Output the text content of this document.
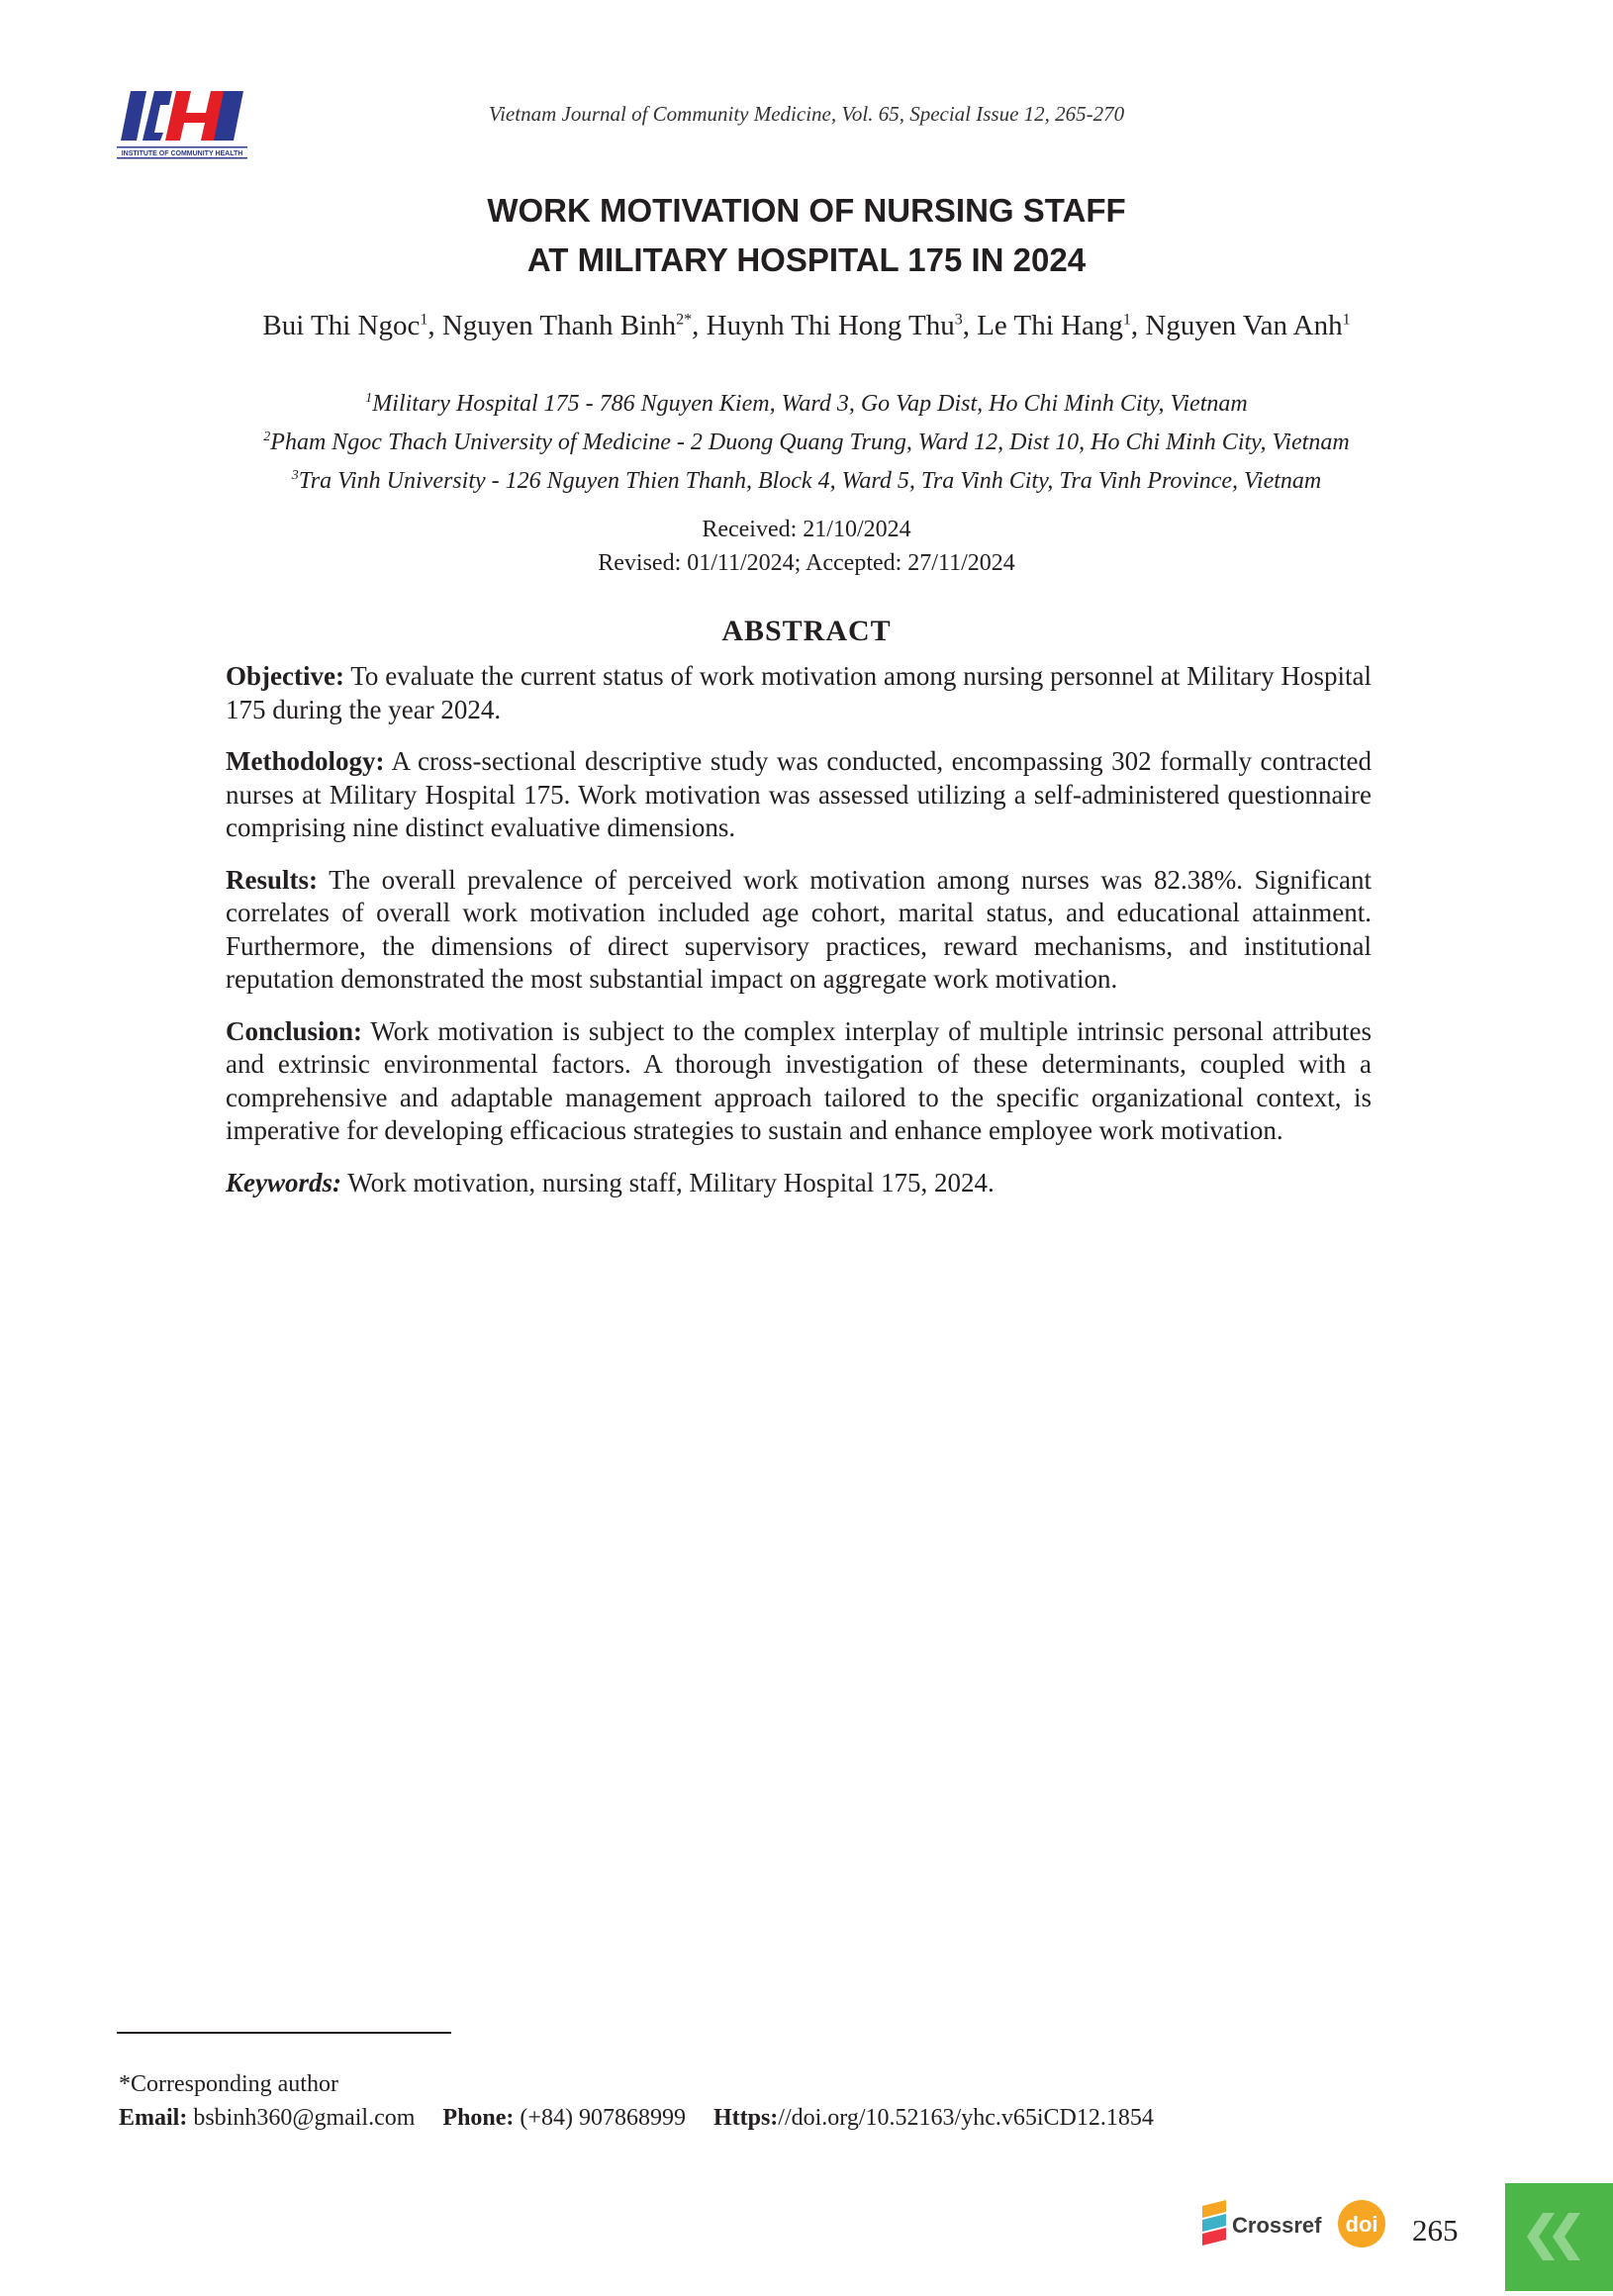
INSTITUTE OF COMMUNITY HEALTH
Vietnam Journal of Community Medicine, Vol. 65, Special Issue 12, 265-270
WORK MOTIVATION OF NURSING STAFF
AT MILITARY HOSPITAL 175 IN 2024
Bui Thi Ngoc$^1$, Nguyen Thanh Binh$^{2*}$, Huynh Thi Hong Thu$^3$, Le Thi Hang$^1$, Nguyen Van Anh$^1$
$^1$Military Hospital 175 - 786 Nguyen Kiem, Ward 3, Go Vap Dist, Ho Chi Minh City, Vietnam
$^2$Pham Ngoc Thach University of Medicine - 2 Duong Quang Trung, Ward 12, Dist 10, Ho Chi Minh City, Vietnam
$^3$Tra Vinh University - 126 Nguyen Thien Thanh, Block 4, Ward 5, Tra Vinh City, Tra Vinh Province, Vietnam
Received: 21/10/2024
Revised: 01/11/2024; Accepted: 27/11/2024
ABSTRACT

Objective: To evaluate the current status of work motivation among nursing personnel at Military Hospital 175 during the year 2024.

Methodology: A cross-sectional descriptive study was conducted, encompassing 302 formally contracted nurses at Military Hospital 175. Work motivation was assessed utilizing a self-administered questionnaire comprising nine distinct evaluative dimensions.

Results: The overall prevalence of perceived work motivation among nurses was 82.38%. Significant correlates of overall work motivation included age cohort, marital status, and educational attainment. Furthermore, the dimensions of direct supervisory practices, reward mechanisms, and institutional reputation demonstrated the most substantial impact on aggregate work motivation.

Conclusion: Work motivation is subject to the complex interplay of multiple intrinsic personal attributes and extrinsic environmental factors. A thorough investigation of these determinants, coupled with a comprehensive and adaptable management approach tailored to the specific organizational context, is imperative for developing efficacious strategies to sustain and enhance employee work motivation.

Keywords: Work motivation, nursing staff, Military Hospital 175, 2024.

*Corresponding author
Email: bsbinh360@gmail.com Phone: (+84) 907868999 Https://doi.org/10.52163/yhc.v65iCD12.1854
Crossref doi 265
